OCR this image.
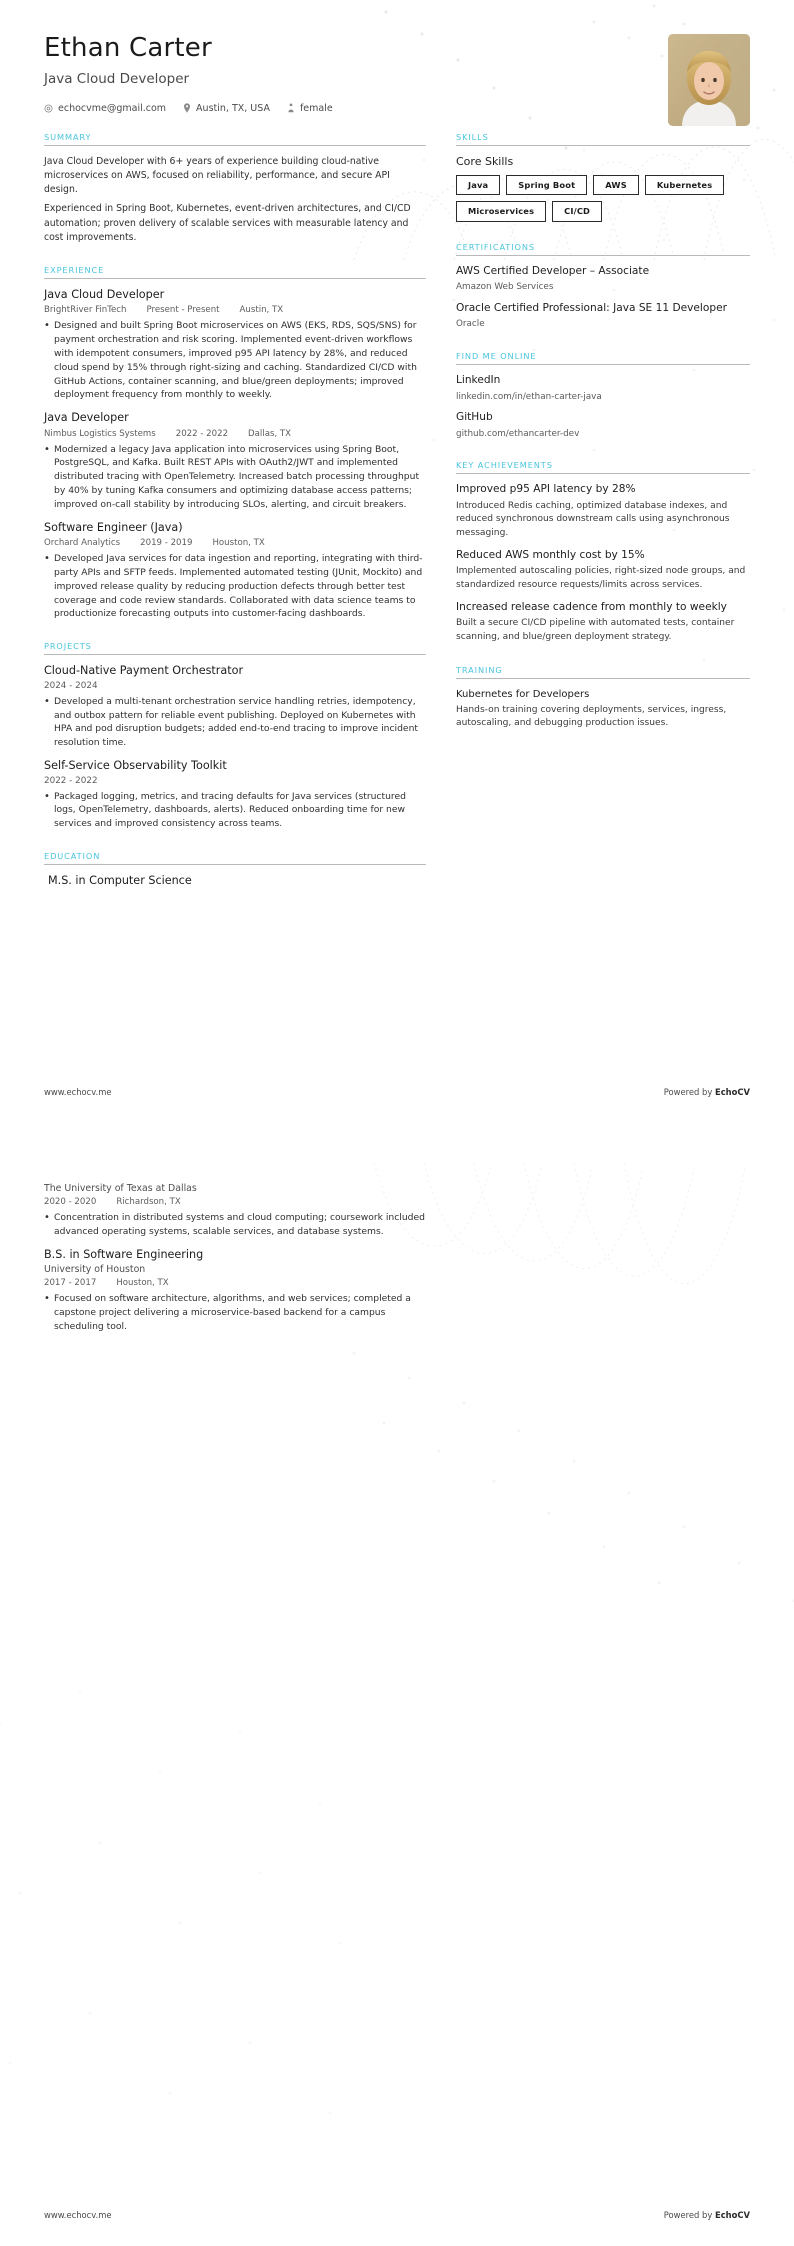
Ethan Carter
Java Cloud Developer
echocvme@gmail.com	Austin, TX, USA	female
SUMMARY

Java Cloud Developer with 6+ years of experience building cloud-native microservices on AWS, focused on reliability, performance, and secure API design.

Experienced in Spring Boot, Kubernetes, event-driven architectures, and CI/CD automation; proven delivery of scalable services with measurable latency and cost improvements.

EXPERIENCE
Java Cloud Developer
BrightRiver FinTech Present - Present Austin, TX
• Designed and built Spring Boot microservices on AWS (EKS, RDS, SQS/SNS) for payment orchestration and risk scoring. Implemented event-driven workflows with idempotent consumers, improved p95 API latency by 28%, and reduced cloud spend by 15% through right-sizing and caching. Standardized CI/CD with GitHub Actions, container scanning, and blue/green deployments; improved deployment frequency from monthly to weekly.
Java Developer
Nimbus Logistics Systems 2022 - 2022 Dallas, TX
• Modernized a legacy Java application into microservices using Spring Boot, PostgreSQL, and Kafka. Built REST APIs with OAuth2/JWT and implemented distributed tracing with OpenTelemetry. Increased batch processing throughput by 40% by tuning Kafka consumers and optimizing database access patterns; improved on-call stability by introducing SLOs, alerting, and circuit breakers.
Software Engineer (Java)
Orchard Analytics 2019 - 2019 Houston, TX
• Developed Java services for data ingestion and reporting, integrating with third-party APIs and SFTP feeds. Implemented automated testing (JUnit, Mockito) and improved release quality by reducing production defects through better test coverage and code review standards. Collaborated with data science teams to productionize forecasting outputs into customer-facing dashboards.
PROJECTS
Cloud-Native Payment Orchestrator
2024 - 2024
• Developed a multi-tenant orchestration service handling retries, idempotency, and outbox pattern for reliable event publishing. Deployed on Kubernetes with HPA and pod disruption budgets; added end-to-end tracing to improve incident resolution time.
Self-Service Observability Toolkit
2022 - 2022
• Packaged logging, metrics, and tracing defaults for Java services (structured logs, OpenTelemetry, dashboards, alerts). Reduced onboarding time for new services and improved consistency across teams.
EDUCATION
M.S. in Computer Science
SKILLS
Core Skills
Java	Spring Boot	AWS	Kubernetes
Microservices	CI/CD
CERTIFICATIONS
AWS Certified Developer – Associate
Amazon Web Services
Oracle Certified Professional: Java SE 11 Developer
Oracle
FIND ME ONLINE
LinkedIn
linkedin.com/in/ethan-carter-java
GitHub
github.com/ethancarter-dev
KEY ACHIEVEMENTS
Improved p95 API latency by 28%
Introduced Redis caching, optimized database indexes, and reduced synchronous downstream calls using asynchronous messaging.
Reduced AWS monthly cost by 15%
Implemented autoscaling policies, right-sized node groups, and standardized resource requests/limits across services.
Increased release cadence from monthly to weekly
Built a secure CI/CD pipeline with automated tests, container scanning, and blue/green deployment strategy.
TRAINING
Kubernetes for Developers
Hands-on training covering deployments, services, ingress, autoscaling, and debugging production issues.
www.echocv.me	Powered by EchoCV
The University of Texas at Dallas
2020 - 2020 Richardson, TX
• Concentration in distributed systems and cloud computing; coursework included advanced operating systems, scalable services, and database systems.
B.S. in Software Engineering
University of Houston
2017 - 2017 Houston, TX
• Focused on software architecture, algorithms, and web services; completed a capstone project delivering a microservice-based backend for a campus scheduling tool.
www.echocv.me	Powered by EchoCV
